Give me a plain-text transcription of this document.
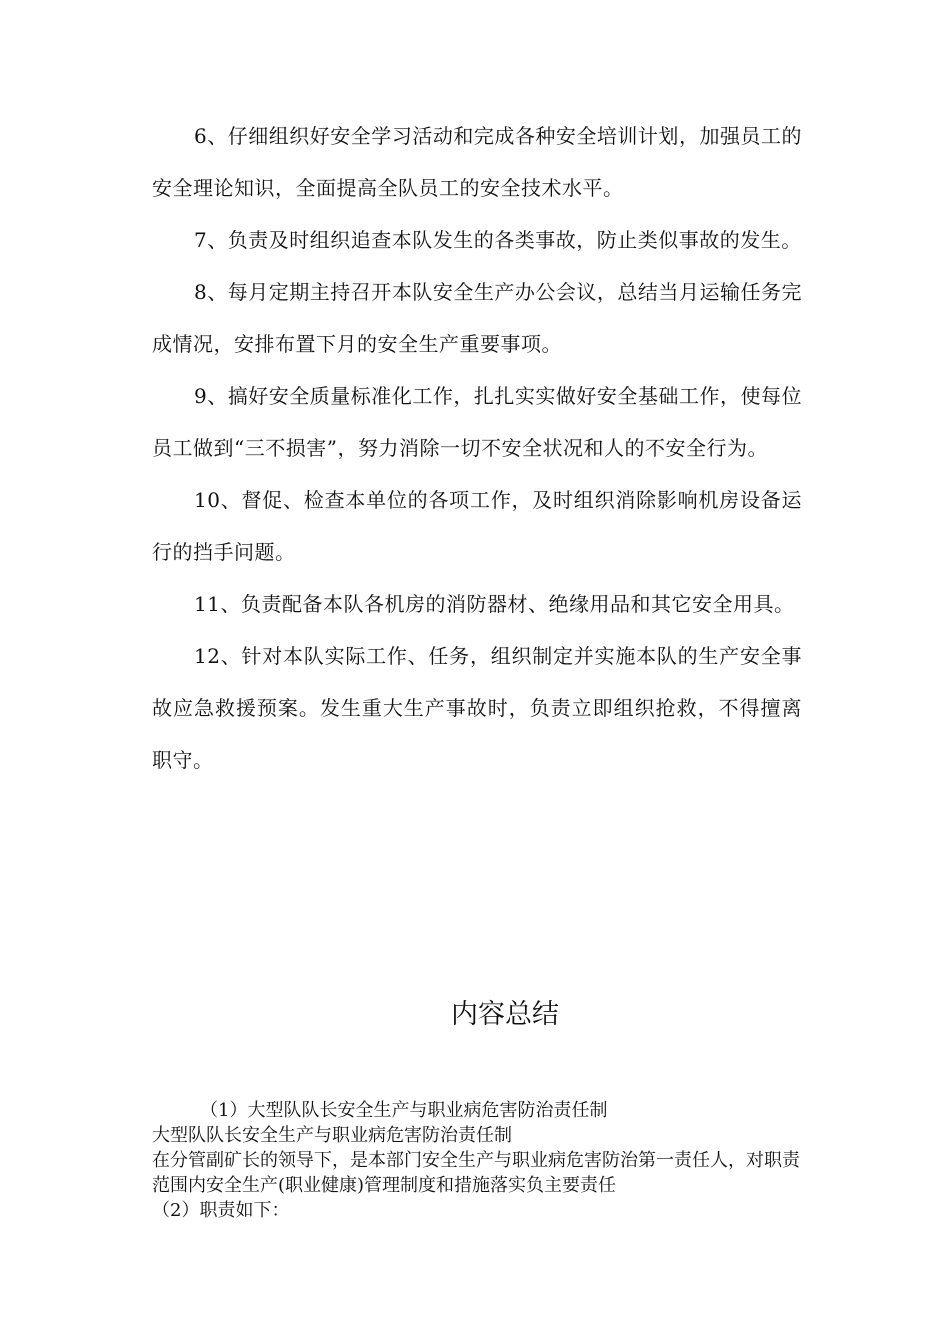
6、仔细组织好安全学习活动和完成各种安全培训计划，加强员工的安全理论知识，全面提高全队员工的安全技术水平。

7、负责及时组织追查本队发生的各类事故，防止类似事故的发生。

8、每月定期主持召开本队安全生产办公会议，总结当月运输任务完成情况，安排布置下月的安全生产重要事项。

9、搞好安全质量标准化工作，扎扎实实做好安全基础工作，使每位员工做到“三不损害”，努力消除一切不安全状况和人的不安全行为。

10、督促、检查本单位的各项工作，及时组织消除影响机房设备运行的挡手问题。

11、负责配备本队各机房的消防器材、绝缘用品和其它安全用具。

12、针对本队实际工作、任务，组织制定并实施本队的生产安全事故应急救援预案。发生重大生产事故时，负责立即组织抢救，不得擅离职守。

内容总结

（1）大型队队长安全生产与职业病危害防治责任制

大型队队长安全生产与职业病危害防治责任制

在分管副矿长的领导下，是本部门安全生产与职业病危害防治第一责任人，对职责范围内安全生产(职业健康)管理制度和措施落实负主要责任

（2）职责如下：
